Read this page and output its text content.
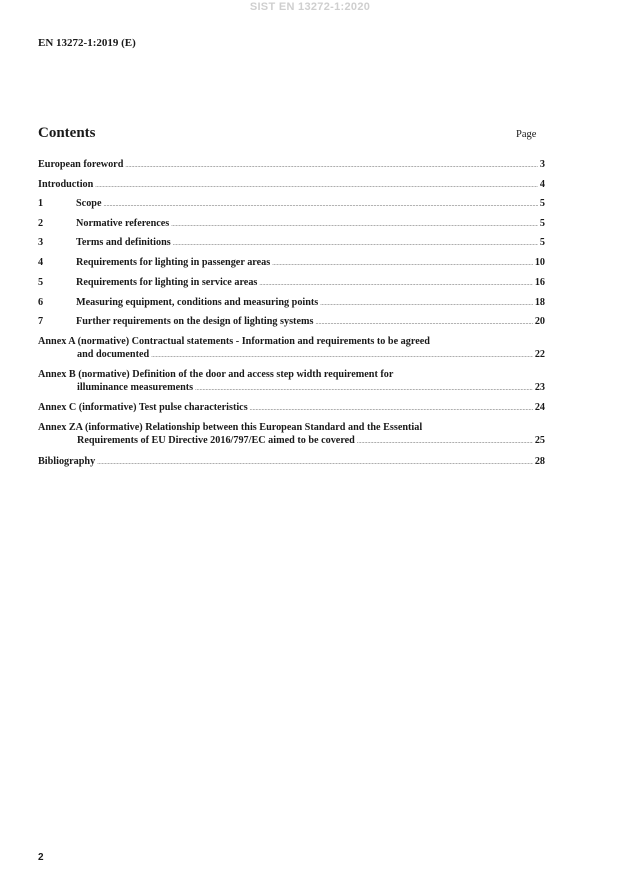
SIST EN 13272-1:2020
EN 13272-1:2019 (E)
Contents	Page
European foreword .....	3
Introduction .....	4
1	Scope .....	5
2	Normative references .....	5
3	Terms and definitions .....	5
4	Requirements for lighting in passenger areas .....	10
5	Requirements for lighting in service areas .....	16
6	Measuring equipment, conditions and measuring points .....	18
7	Further requirements on the design of lighting systems .....	20
Annex A (normative) Contractual statements - Information and requirements to be agreed
and documented .....	22
Annex B (normative) Definition of the door and access step width requirement for
illuminance measurements .....	23
Annex C (informative) Test pulse characteristics .....	24
Annex ZA (informative) Relationship between this European Standard and the Essential
Requirements of EU Directive 2016/797/EC aimed to be covered .....	25
Bibliography .....	28
2
